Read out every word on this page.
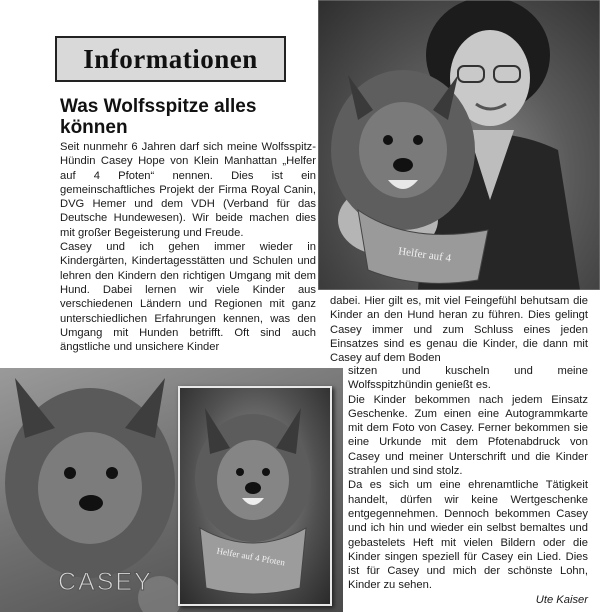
Informationen
Was Wolfsspitze alles können

Seit nunmehr 6 Jahren darf sich meine Wolfsspitz-Hündin Casey Hope von Klein Manhattan „Helfer auf 4 Pfoten“ nennen. Dies ist ein gemeinschaftliches Projekt der Firma Royal Canin, DVG Hemer und dem VDH (Verband für das Deutsche Hundewesen). Wir beide machen dies mit großer Begeisterung und Freude.

Casey und ich gehen immer wieder in Kindergärten, Kindertagesstätten und Schulen und lehren den Kindern den richtigen Umgang mit dem Hund. Dabei lernen wir viele Kinder aus verschiedenen Ländern und Regionen mit ganz unterschiedlichen Erfahrungen kennen, was den Umgang mit Hunden betrifft. Oft sind auch ängstliche und unsichere Kinder

Helfer auf 4

dabei. Hier gilt es, mit viel Feingefühl behutsam die Kinder an den Hund heran zu führen. Dies gelingt Casey immer und zum Schluss eines jeden Einsatzes sind es genau die Kinder, die dann mit Casey auf dem Boden

Helfer auf 4 Pfoten
CASEY

sitzen und kuscheln und meine Wolfsspitzhündin genießt es.

Die Kinder bekommen nach jedem Einsatz Geschenke. Zum einen eine Autogrammkarte mit dem Foto von Casey. Ferner bekommen sie eine Urkunde mit dem Pfotenabdruck von Casey und meiner Unterschrift und die Kinder strahlen und sind stolz.

Da es sich um eine ehrenamtliche Tätigkeit handelt, dürfen wir keine Wertgeschenke entgegennehmen. Dennoch bekommen Casey und ich hin und wieder ein selbst bemaltes und gebastelets Heft mit vielen Bildern oder die Kinder singen speziell für Casey ein Lied. Dies ist für Casey und mich der schönste Lohn, Kinder zu sehen.

Ute Kaiser
